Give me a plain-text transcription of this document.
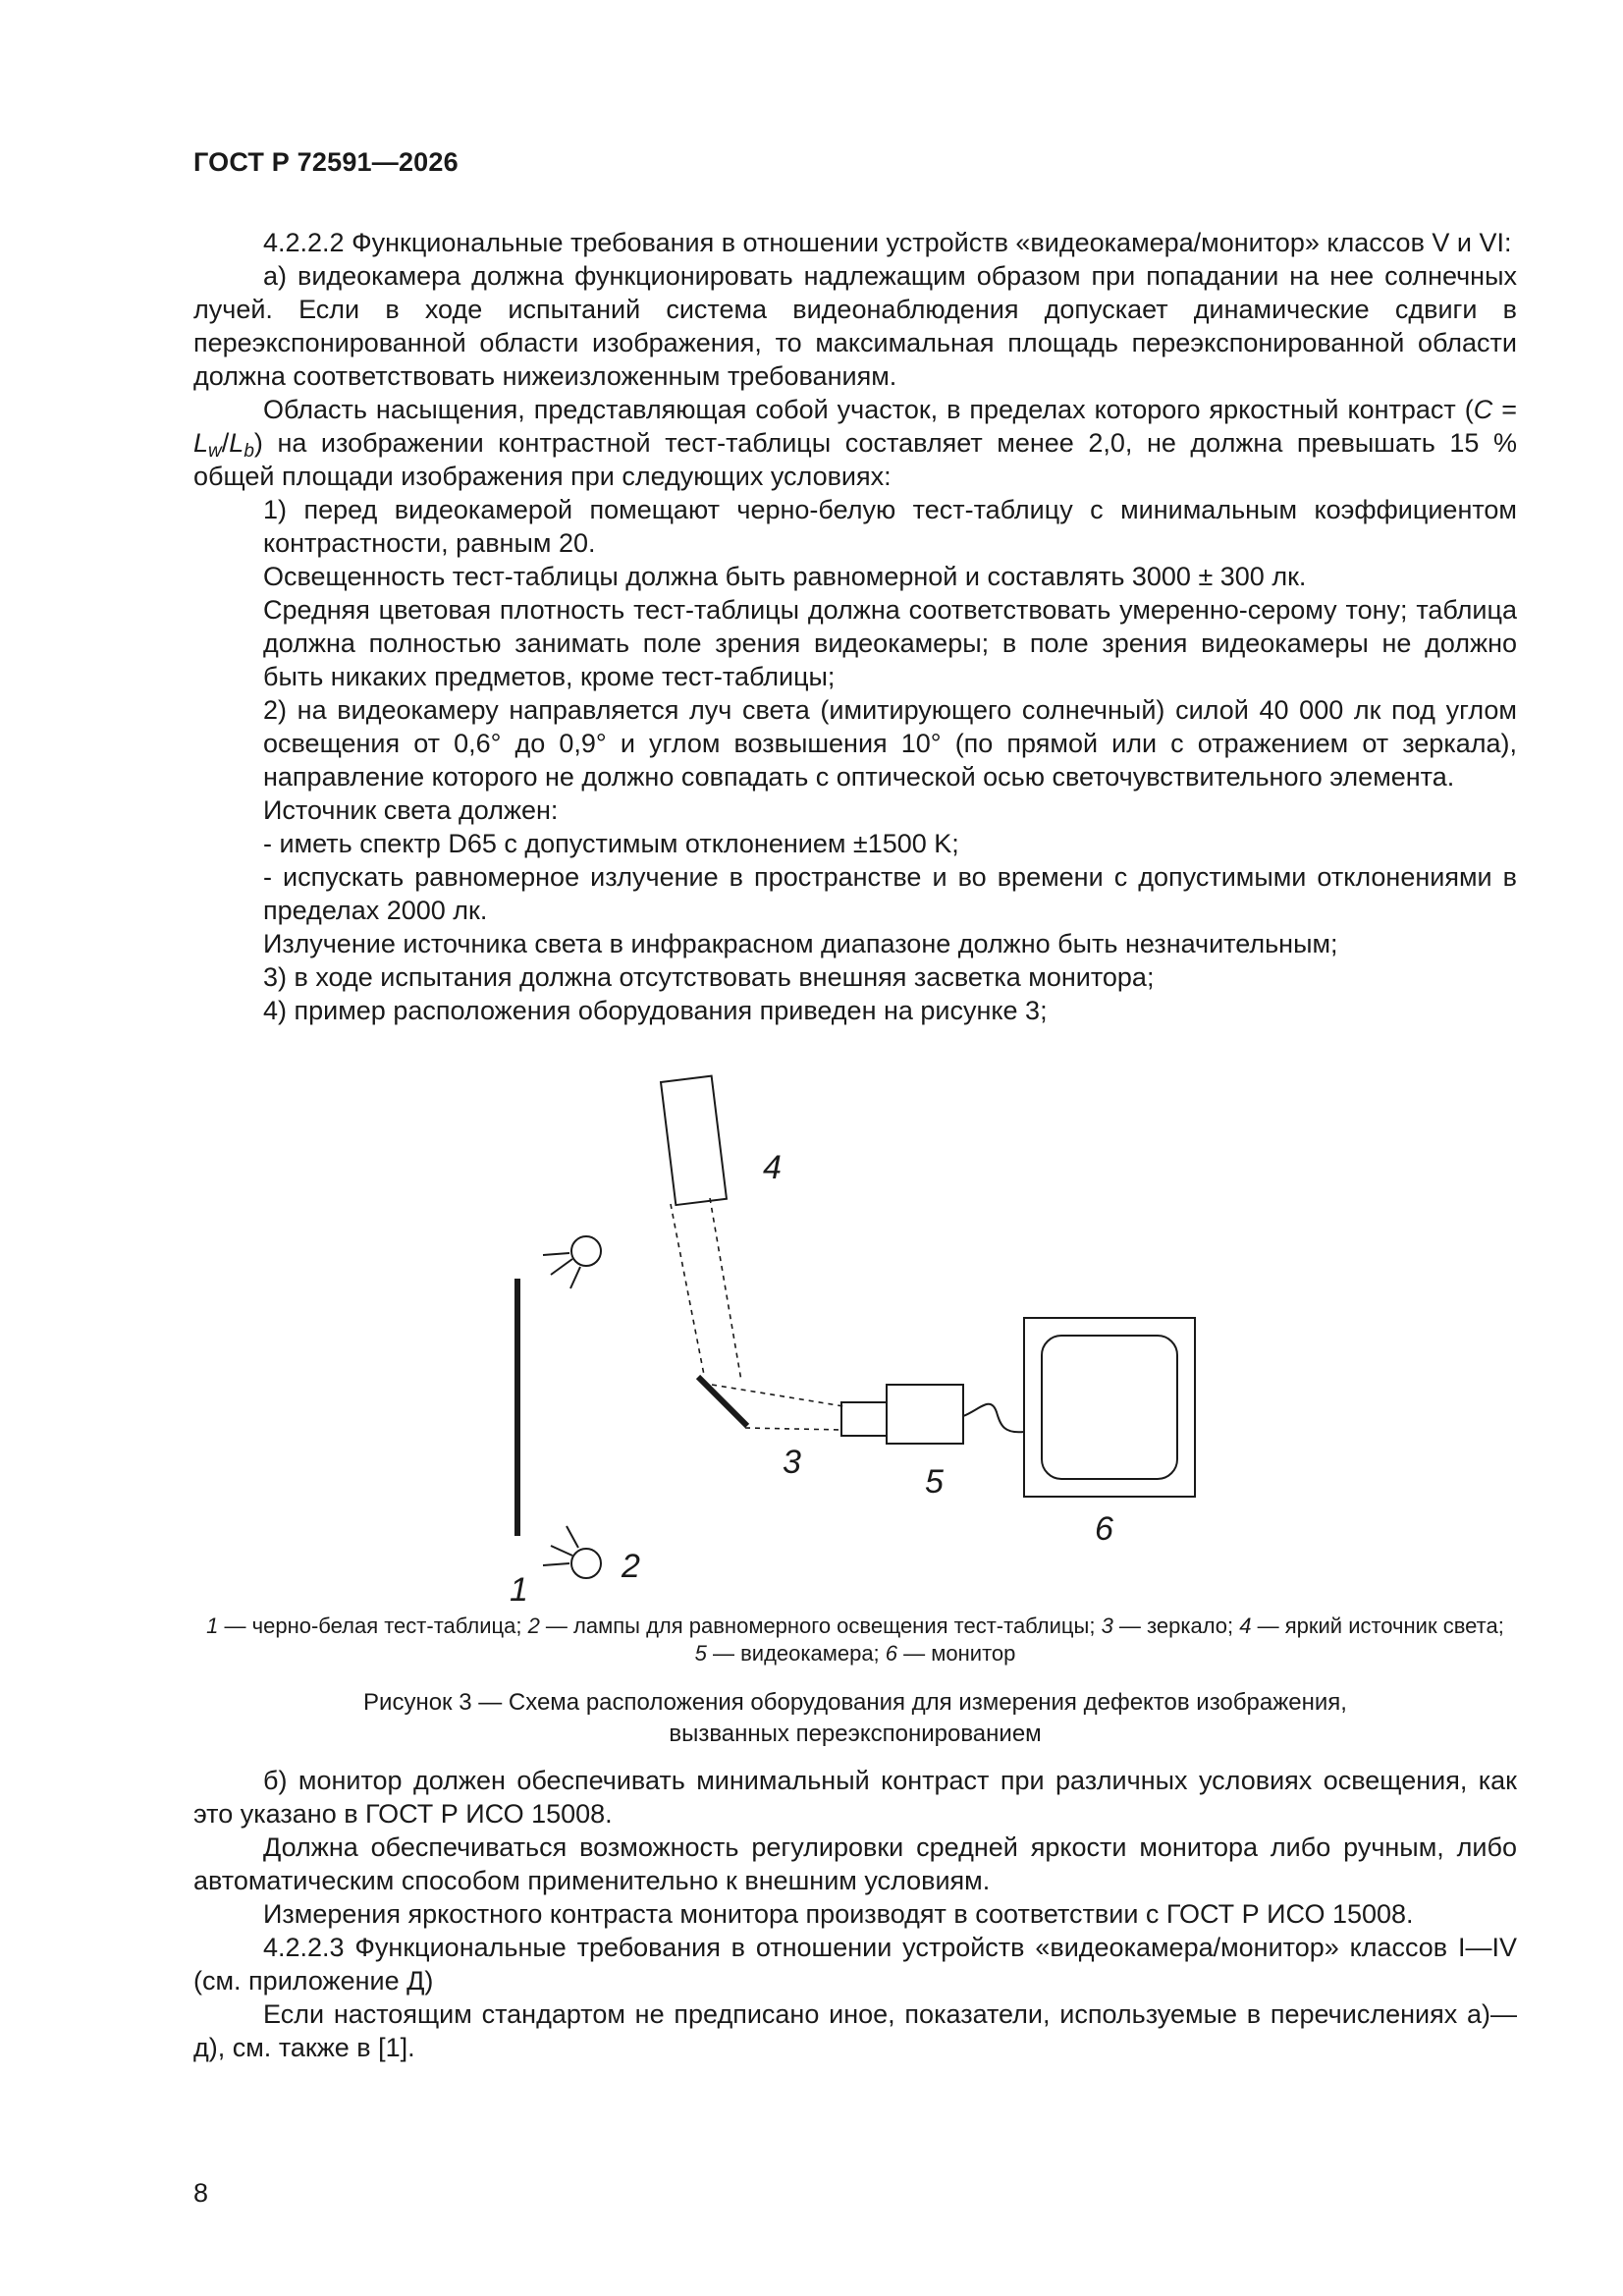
ГОСТ Р 72591—2026

4.2.2.2 Функциональные требования в отношении устройств «видеокамера/монитор» классов V и VI:

а) видеокамера должна функционировать надлежащим образом при попадании на нее солнечных лучей. Если в ходе испытаний система видеонаблюдения допускает динамические сдвиги в переэкспонированной области изображения, то максимальная площадь переэкспонированной области должна соответствовать нижеизложенным требованиям.

Область насыщения, представляющая собой участок, в пределах которого яркостный контраст $(C = L_w/L_b)$ на изображении контрастной тест-таблицы составляет менее 2,0, не должна превышать 15 % общей площади изображения при следующих условиях:

1) перед видеокамерой помещают черно-белую тест-таблицу с минимальным коэффициентом контрастности, равным 20.

Освещенность тест-таблицы должна быть равномерной и составлять 3000 ± 300 лк.

Средняя цветовая плотность тест-таблицы должна соответствовать умеренно-серому тону; таблица должна полностью занимать поле зрения видеокамеры; в поле зрения видеокамеры не должно быть никаких предметов, кроме тест-таблицы;

2) на видеокамеру направляется луч света (имитирующего солнечный) силой 40 000 лк под углом освещения от 0,6° до 0,9° и углом возвышения 10° (по прямой или с отражением от зеркала), направление которого не должно совпадать с оптической осью светочувствительного элемента.

Источник света должен:

- иметь спектр D65 с допустимым отклонением ±1500 K;

- испускать равномерное излучение в пространстве и во времени с допустимыми отклонениями в пределах 2000 лк.

Излучение источника света в инфракрасном диапазоне должно быть незначительным;

3) в ходе испытания должна отсутствовать внешняя засветка монитора;

4) пример расположения оборудования приведен на рисунке 3;

1
2
3
4
5
6
1 — черно-белая тест-таблица; 2 — лампы для равномерного освещения тест-таблицы; 3 — зеркало; 4 — яркий источник света;
5 — видеокамера; 6 — монитор
Рисунок 3 — Схема расположения оборудования для измерения дефектов изображения,
вызванных переэкспонированием

б) монитор должен обеспечивать минимальный контраст при различных условиях освещения, как это указано в ГОСТ Р ИСО 15008.

Должна обеспечиваться возможность регулировки средней яркости монитора либо ручным, либо автоматическим способом применительно к внешним условиям.

Измерения яркостного контраста монитора производят в соответствии с ГОСТ Р ИСО 15008.

4.2.2.3 Функциональные требования в отношении устройств «видеокамера/монитор» классов I—IV (см. приложение Д)

Если настоящим стандартом не предписано иное, показатели, используемые в перечислениях а)—д), см. также в [1].

8
